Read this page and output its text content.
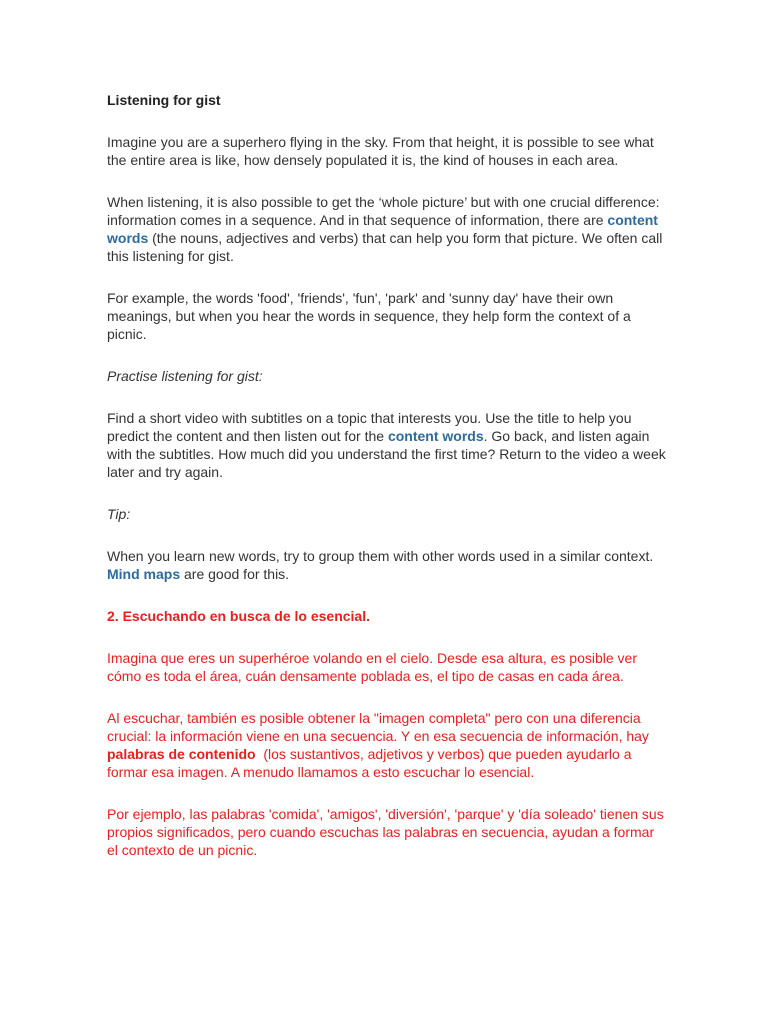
Listening for gist

Imagine you are a superhero flying in the sky. From that height, it is possible to see what the entire area is like, how densely populated it is, the kind of houses in each area.

When listening, it is also possible to get the ‘whole picture’ but with one crucial difference: information comes in a sequence. And in that sequence of information, there are content words (the nouns, adjectives and verbs) that can help you form that picture. We often call this listening for gist.

For example, the words 'food', 'friends', 'fun', 'park' and 'sunny day' have their own meanings, but when you hear the words in sequence, they help form the context of a picnic.

Practise listening for gist:

Find a short video with subtitles on a topic that interests you. Use the title to help you predict the content and then listen out for the content words. Go back, and listen again with the subtitles. How much did you understand the first time? Return to the video a week later and try again.

Tip:

When you learn new words, try to group them with other words used in a similar context. Mind maps are good for this.

2. Escuchando en busca de lo esencial.

Imagina que eres un superhéroe volando en el cielo. Desde esa altura, es posible ver cómo es toda el área, cuán densamente poblada es, el tipo de casas en cada área.

Al escuchar, también es posible obtener la "imagen completa" pero con una diferencia crucial: la información viene en una secuencia. Y en esa secuencia de información, hay  palabras de contenido  (los sustantivos, adjetivos y verbos) que pueden ayudarlo a formar esa imagen. A menudo llamamos a esto escuchar lo esencial.

Por ejemplo, las palabras 'comida', 'amigos', 'diversión', 'parque' y 'día soleado' tienen sus propios significados, pero cuando escuchas las palabras en secuencia, ayudan a formar el contexto de un picnic.
